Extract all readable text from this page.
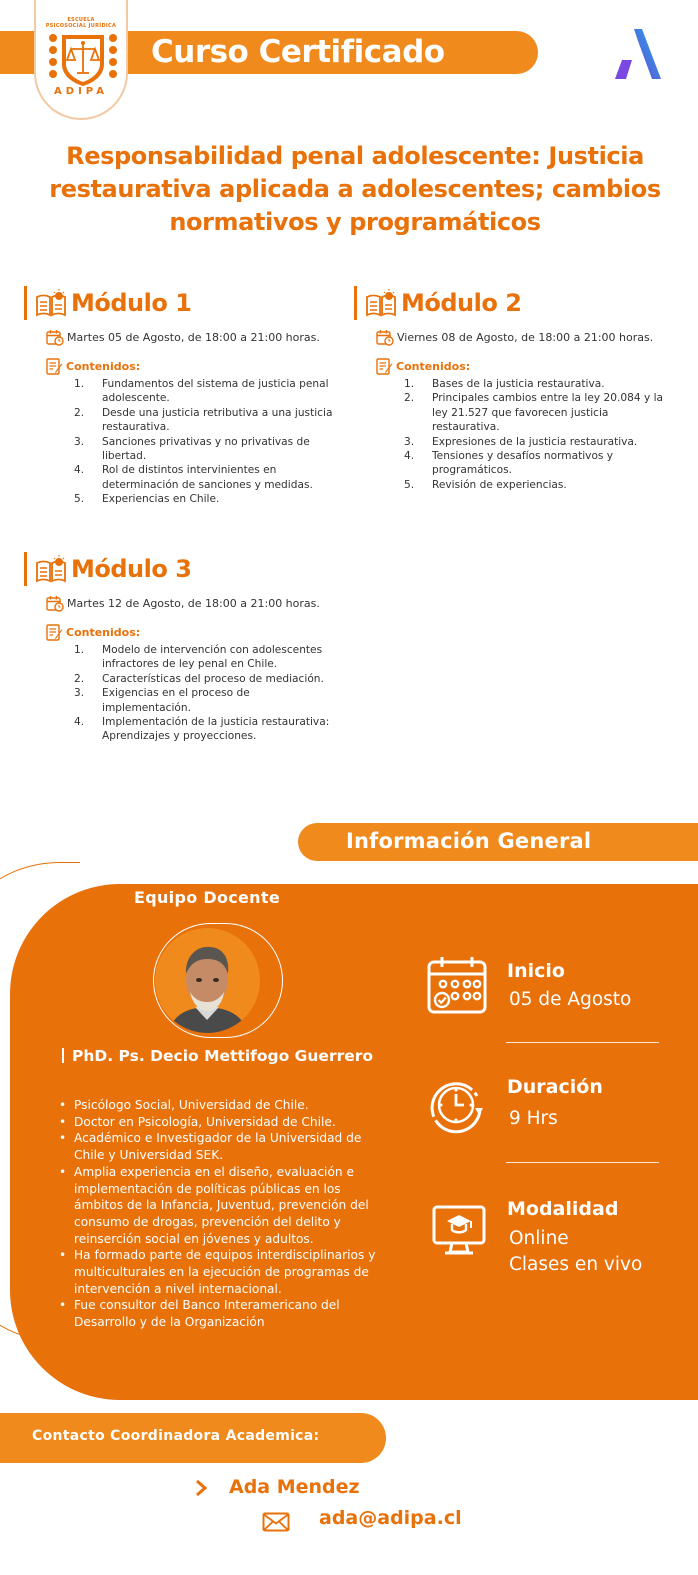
Curso Certificado
ESCUELA
PSICOSOCIAL JURÍDICA
ADIPA
Responsabilidad penal adolescente: Justicia restaurativa aplicada a adolescentes; cambios normativos y programáticos
Módulo 1
Martes 05 de Agosto, de 18:00 a 21:00 horas.
Contenidos:
1. Fundamentos del sistema de justicia penal adolescente.
2. Desde una justicia retributiva a una justicia restaurativa.
3. Sanciones privativas y no privativas de libertad.
4. Rol de distintos intervinientes en determinación de sanciones y medidas.
5. Experiencias en Chile.
Módulo 2
Viernes 08 de Agosto, de 18:00 a 21:00 horas.
Contenidos:
1. Bases de la justicia restaurativa.
2. Principales cambios entre la ley 20.084 y la ley 21.527 que favorecen justicia restaurativa.
3. Expresiones de la justicia restaurativa.
4. Tensiones y desafíos normativos y programáticos.
5. Revisión de experiencias.
Módulo 3
Martes 12 de Agosto, de 18:00 a 21:00 horas.
Contenidos:
1. Modelo de intervención con adolescentes infractores de ley penal en Chile.
2. Características del proceso de mediación.
3. Exigencias en el proceso de implementación.
4. Implementación de la justicia restaurativa: Aprendizajes y proyecciones.
Información General
Equipo Docente
PhD. Ps. Decio Mettifogo Guerrero
• Psicólogo Social, Universidad de Chile.
• Doctor en Psicología, Universidad de Chile.
• Académico e Investigador de la Universidad de Chile y Universidad SEK.
• Amplia experiencia en el diseño, evaluación e implementación de políticas públicas en los ámbitos de la Infancia, Juventud, prevención del consumo de drogas, prevención del delito y reinserción social en jóvenes y adultos.
• Ha formado parte de equipos interdisciplinarios y multiculturales en la ejecución de programas de intervención a nivel internacional.
• Fue consultor del Banco Interamericano del Desarrollo y de la Organización
Inicio
05 de Agosto
Duración
9 Hrs
Modalidad
Online
Clases en vivo
Contacto Coordinadora Academica:
Ada Mendez
ada@adipa.cl
